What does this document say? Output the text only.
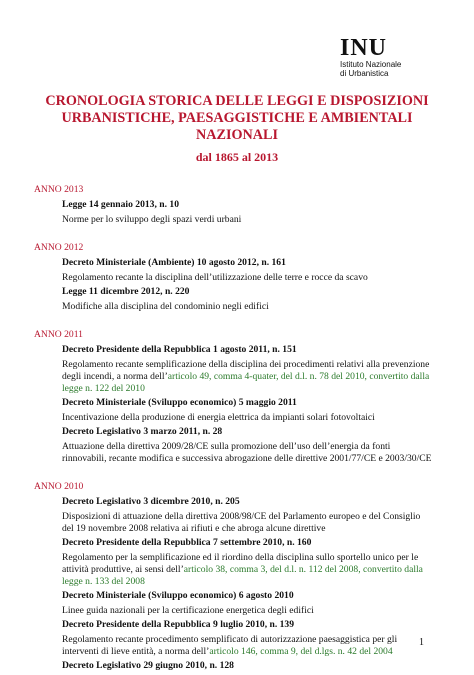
INU
Istituto Nazionale
di Urbanistica
CRONOLOGIA STORICA DELLE LEGGI E DISPOSIZIONI
URBANISTICHE, PAESAGGISTICHE E AMBIENTALI
NAZIONALI
dal 1865 al 2013
ANNO 2013
Legge 14 gennaio 2013, n. 10
Norme per lo sviluppo degli spazi verdi urbani
ANNO 2012
Decreto Ministeriale (Ambiente) 10 agosto 2012, n. 161
Regolamento recante la disciplina dell’utilizzazione delle terre e rocce da scavo
Legge 11 dicembre 2012, n. 220
Modifiche alla disciplina del condominio negli edifici
ANNO 2011
Decreto Presidente della Repubblica 1 agosto 2011, n. 151
Regolamento recante semplificazione della disciplina dei procedimenti relativi alla prevenzione degli incendi, a norma dell’articolo 49, comma 4-quater, del d.l. n. 78 del 2010, convertito dalla legge n. 122 del 2010
Decreto Ministeriale (Sviluppo economico) 5 maggio 2011
Incentivazione della produzione di energia elettrica da impianti solari fotovoltaici
Decreto Legislativo 3 marzo 2011, n. 28
Attuazione della direttiva 2009/28/CE sulla promozione dell’uso dell’energia da fonti rinnovabili, recante modifica e successiva abrogazione delle direttive 2001/77/CE e 2003/30/CE
ANNO 2010
Decreto Legislativo 3 dicembre 2010, n. 205
Disposizioni di attuazione della direttiva 2008/98/CE del Parlamento europeo e del Consiglio del 19 novembre 2008 relativa ai rifiuti e che abroga alcune direttive
Decreto Presidente della Repubblica 7 settembre 2010, n. 160
Regolamento per la semplificazione ed il riordino della disciplina sullo sportello unico per le attività produttive, ai sensi dell’articolo 38, comma 3, del d.l. n. 112 del 2008, convertito dalla legge n. 133 del 2008
Decreto Ministeriale (Sviluppo economico) 6 agosto 2010
Linee guida nazionali per la certificazione energetica degli edifici
Decreto Presidente della Repubblica 9 luglio 2010, n. 139
Regolamento recante procedimento semplificato di autorizzazione paesaggistica per gli interventi di lieve entità, a norma dell’articolo 146, comma 9, del d.lgs. n. 42 del 2004
Decreto Legislativo 29 giugno 2010, n. 128
1
